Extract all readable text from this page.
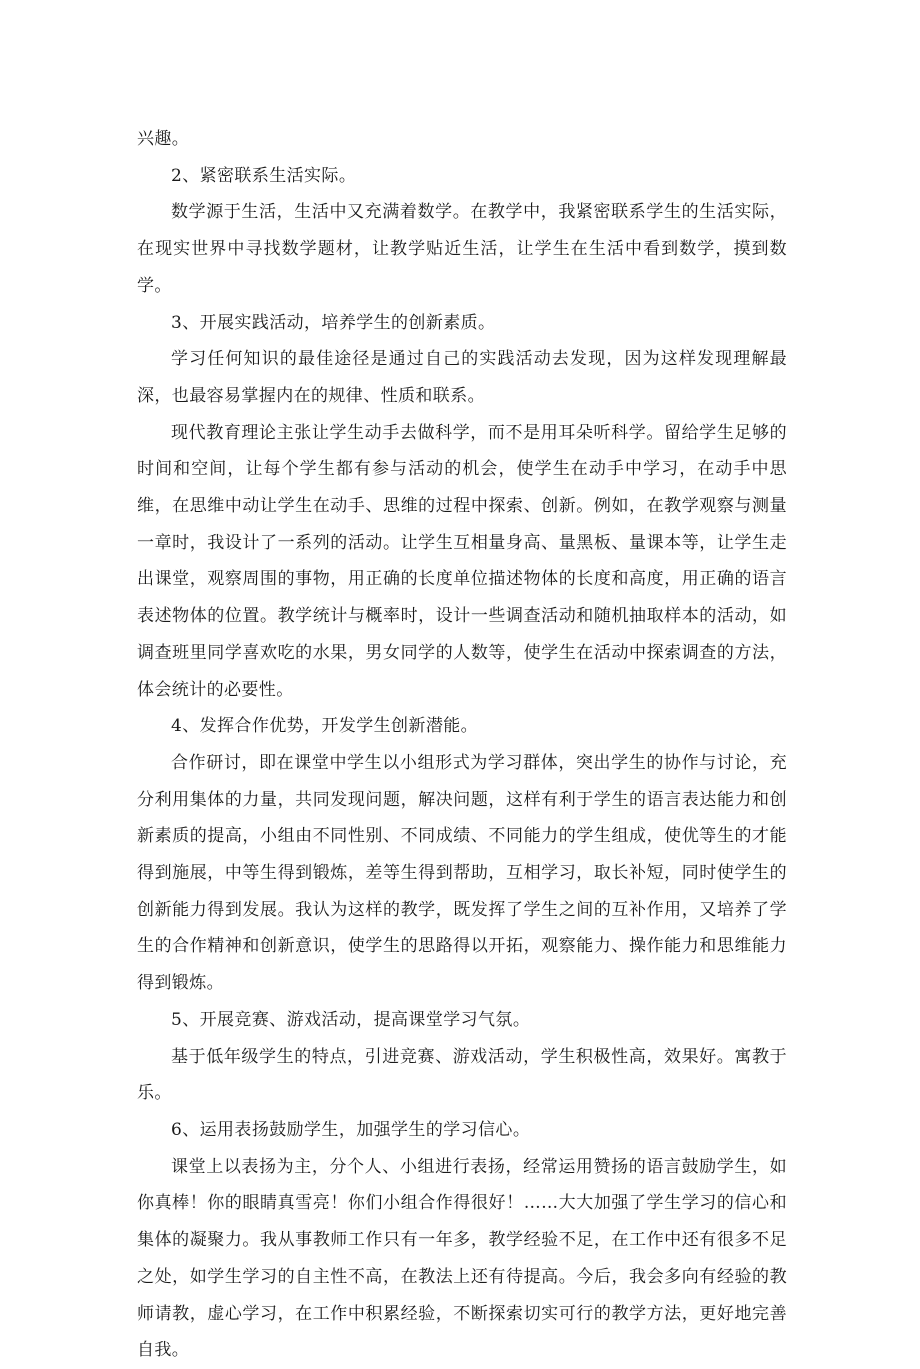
兴趣。

2、紧密联系生活实际。

数学源于生活，生活中又充满着数学。在教学中，我紧密联系学生的生活实际，在现实世界中寻找数学题材，让教学贴近生活，让学生在生活中看到数学，摸到数学。

3、开展实践活动，培养学生的创新素质。

学习任何知识的最佳途径是通过自己的实践活动去发现，因为这样发现理解最深，也最容易掌握内在的规律、性质和联系。

现代教育理论主张让学生动手去做科学，而不是用耳朵听科学。留给学生足够的时间和空间，让每个学生都有参与活动的机会，使学生在动手中学习，在动手中思维，在思维中动让学生在动手、思维的过程中探索、创新。例如，在教学观察与测量一章时，我设计了一系列的活动。让学生互相量身高、量黑板、量课本等，让学生走出课堂，观察周围的事物，用正确的长度单位描述物体的长度和高度，用正确的语言表述物体的位置。教学统计与概率时，设计一些调查活动和随机抽取样本的活动，如调查班里同学喜欢吃的水果，男女同学的人数等，使学生在活动中探索调查的方法，体会统计的必要性。

4、发挥合作优势，开发学生创新潜能。

合作研讨，即在课堂中学生以小组形式为学习群体，突出学生的协作与讨论，充分利用集体的力量，共同发现问题，解决问题，这样有利于学生的语言表达能力和创新素质的提高，小组由不同性别、不同成绩、不同能力的学生组成，使优等生的才能得到施展，中等生得到锻炼，差等生得到帮助，互相学习，取长补短，同时使学生的创新能力得到发展。我认为这样的教学，既发挥了学生之间的互补作用，又培养了学生的合作精神和创新意识，使学生的思路得以开拓，观察能力、操作能力和思维能力得到锻炼。

5、开展竞赛、游戏活动，提高课堂学习气氛。

基于低年级学生的特点，引进竞赛、游戏活动，学生积极性高，效果好。寓教于乐。

6、运用表扬鼓励学生，加强学生的学习信心。

课堂上以表扬为主，分个人、小组进行表扬，经常运用赞扬的语言鼓励学生，如你真棒！你的眼睛真雪亮！你们小组合作得很好！……大大加强了学生学习的信心和集体的凝聚力。我从事教师工作只有一年多，教学经验不足，在工作中还有很多不足之处，如学生学习的自主性不高，在教法上还有待提高。今后，我会多向有经验的教师请教，虚心学习，在工作中积累经验，不断探索切实可行的教学方法，更好地完善自我。
